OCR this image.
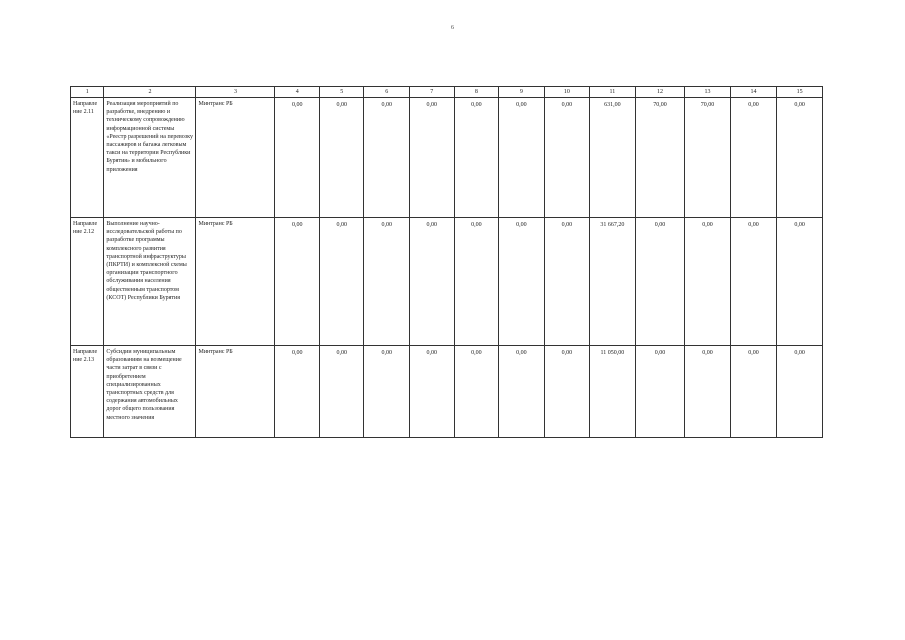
6
1	2	3	4	5	6	7	8	9	10	11	12	13	14	15
Направле ние 2.11	Реализация мероприятий по разработке, внедрению и техническому сопровождению информационной системы «Реестр разрешений на перевозку пассажиров и багажа легковым такси на территории Республики Бурятия» и мобильного приложения	Минтранс РБ	0,00	0,00	0,00	0,00	0,00	0,00	0,00	631,00	70,00	70,00	0,00	0,00
Направле ние 2.12	Выполнение научно-исследовательской работы по разработке программы комплексного развития транспортной инфраструктуры (ПКРТИ) и комплексной схемы организации транспортного обслуживания населения общественным транспортом (КСОТ) Республики Бурятия	Минтранс РБ	0,00	0,00	0,00	0,00	0,00	0,00	0,00	31 667,20	0,00	0,00	0,00	0,00
Направле ние 2.13	Субсидии муниципальным образованиям на возмещение части затрат в связи с приобретением специализированных транспортных средств для содержания автомобильных дорог общего пользования местного значения	Минтранс РБ	0,00	0,00	0,00	0,00	0,00	0,00	0,00	11 050,00	0,00	0,00	0,00	0,00
